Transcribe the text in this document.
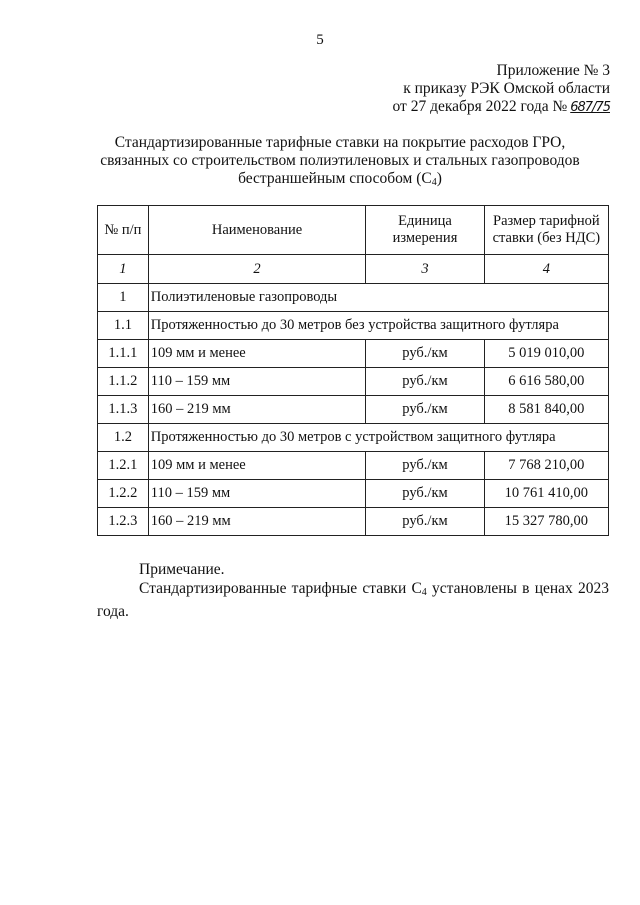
5
Приложение № 3
к приказу РЭК Омской области
от 27 декабря 2022 года № 687/75
Стандартизированные тарифные ставки на покрытие расходов ГРО,
связанных со строительством полиэтиленовых и стальных газопроводов
бестраншейным способом $(С_4)$
№ п/п	Наименование	Единица измерения	Размер тарифной ставки (без НДС)
1	2	3	4
1	Полиэтиленовые газопроводы		
1.1	Протяженностью до 30 метров без устройства защитного футляра		
1.1.1	109 мм и менее	руб./км	5 019 010,00
1.1.2	110 – 159 мм	руб./км	6 616 580,00
1.1.3	160 – 219 мм	руб./км	8 581 840,00
1.2	Протяженностью до 30 метров с устройством защитного футляра		
1.2.1	109 мм и менее	руб./км	7 768 210,00
1.2.2	110 – 159 мм	руб./км	10 761 410,00
1.2.3	160 – 219 мм	руб./км	15 327 780,00

Примечание.

Стандартизированные тарифные ставки $С_4$ установлены в ценах 2023 года.
